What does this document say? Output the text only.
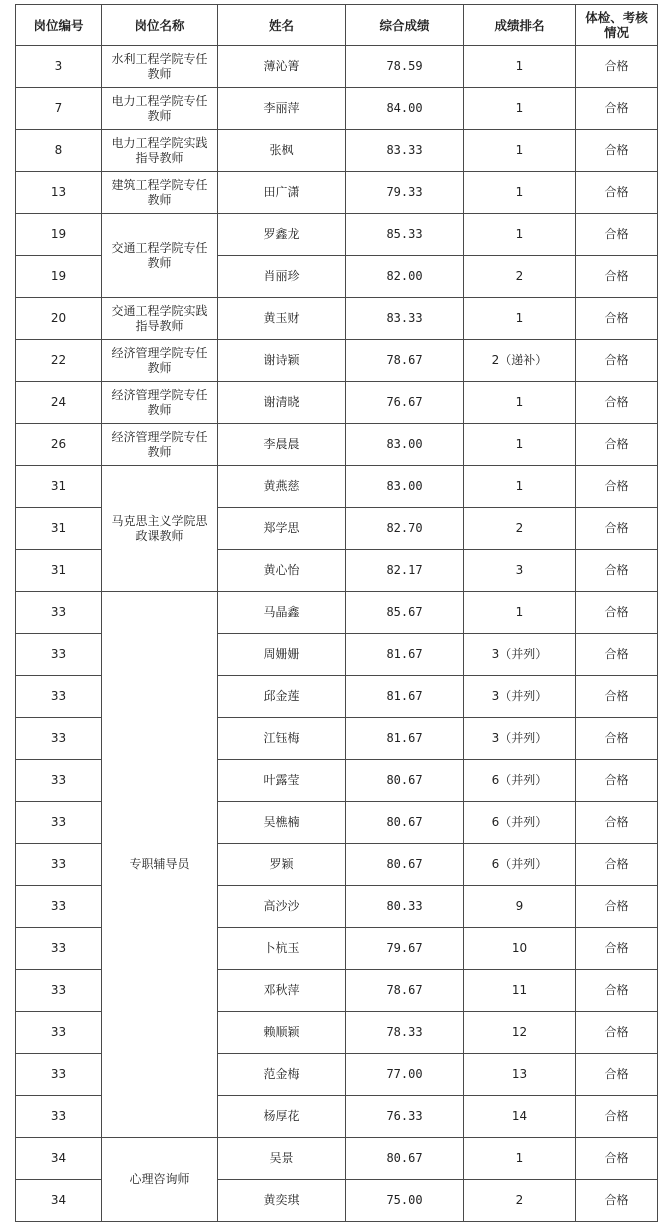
岗位编号	岗位名称	姓名	综合成绩	成绩排名	体检、考核情况
3	水利工程学院专任教师	薄沁箐	78.59	1	合格
7	电力工程学院专任教师	李丽萍	84.00	1	合格
8	电力工程学院实践指导教师	张枫	83.33	1	合格
13	建筑工程学院专任教师	田广潇	79.33	1	合格
19	交通工程学院专任教师	罗鑫龙	85.33	1	合格
19		肖丽珍	82.00	2	合格
20	交通工程学院实践指导教师	黄玉财	83.33	1	合格
22	经济管理学院专任教师	谢诗颖	78.67	2（递补）	合格
24	经济管理学院专任教师	谢清晓	76.67	1	合格
26	经济管理学院专任教师	李晨晨	83.00	1	合格
31	马克思主义学院思政课教师	黄燕慈	83.00	1	合格
31		郑学思	82.70	2	合格
31		黄心怡	82.17	3	合格
33	专职辅导员	马晶鑫	85.67	1	合格
33		周姗姗	81.67	3（并列）	合格
33		邱金莲	81.67	3（并列）	合格
33		江钰梅	81.67	3（并列）	合格
33		叶露莹	80.67	6（并列）	合格
33		吴樵楠	80.67	6（并列）	合格
33		罗颖	80.67	6（并列）	合格
33		高沙沙	80.33	9	合格
33		卜杭玉	79.67	10	合格
33		邓秋萍	78.67	11	合格
33		赖顺颖	78.33	12	合格
33		范金梅	77.00	13	合格
33		杨厚花	76.33	14	合格
34	心理咨询师	吴景	80.67	1	合格
34		黄奕琪	75.00	2	合格
